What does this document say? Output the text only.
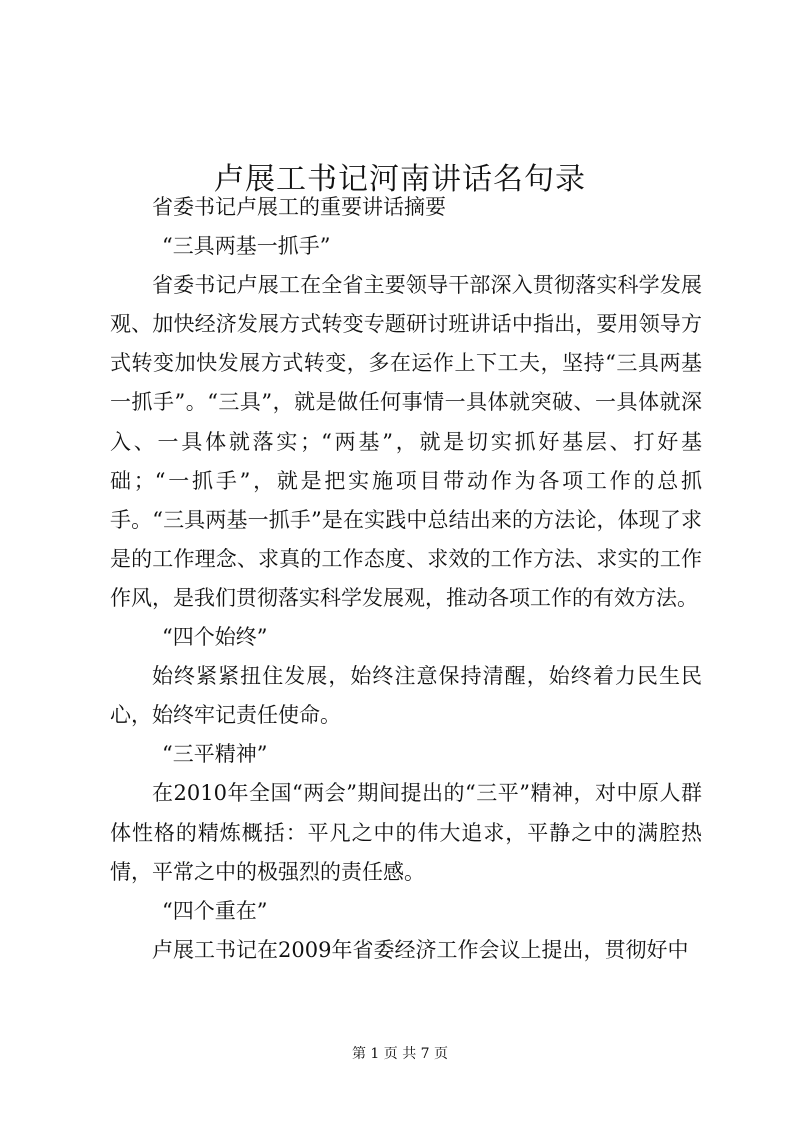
卢展工书记河南讲话名句录

省委书记卢展工的重要讲话摘要

“三具两基一抓手”

省委书记卢展工在全省主要领导干部深入贯彻落实科学发展观、加快经济发展方式转变专题研讨班讲话中指出，要用领导方式转变加快发展方式转变，多在运作上下工夫，坚持“三具两基一抓手”。“三具”，就是做任何事情一具体就突破、一具体就深入、一具体就落实；“两基”，就是切实抓好基层、打好基础；“一抓手”，就是把实施项目带动作为各项工作的总抓手。“三具两基一抓手”是在实践中总结出来的方法论，体现了求是的工作理念、求真的工作态度、求效的工作方法、求实的工作作风，是我们贯彻落实科学发展观，推动各项工作的有效方法。

“四个始终”

始终紧紧扭住发展，始终注意保持清醒，始终着力民生民心，始终牢记责任使命。

“三平精神”

在2010年全国“两会”期间提出的“三平”精神，对中原人群体性格的精炼概括：平凡之中的伟大追求，平静之中的满腔热情，平常之中的极强烈的责任感。

“四个重在”

卢展工书记在2009年省委经济工作会议上提出，贯彻好中

第 1 页 共 7 页
